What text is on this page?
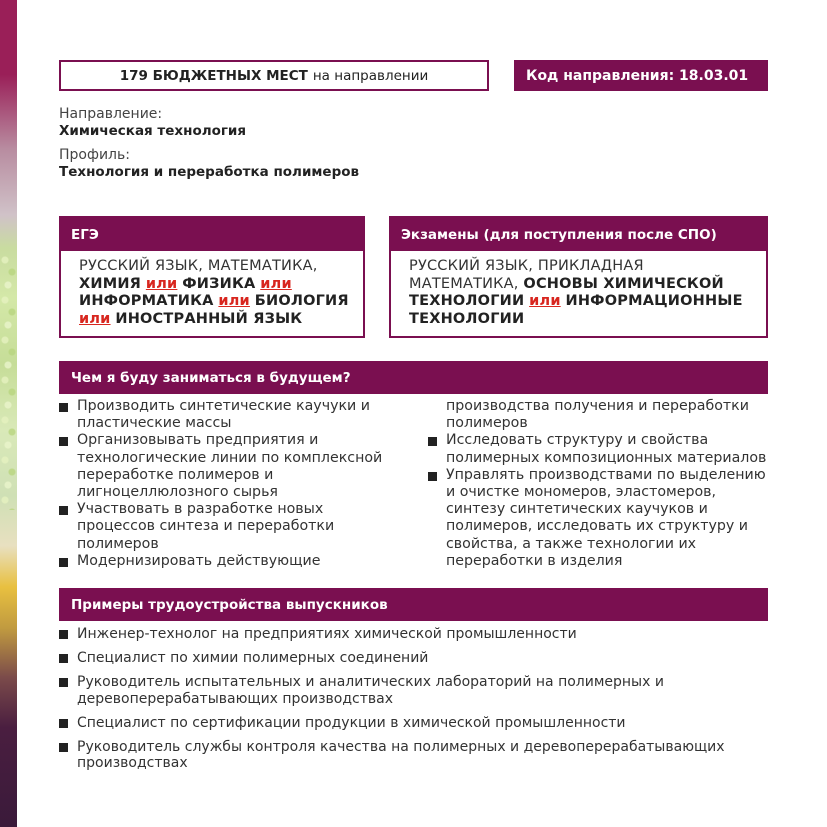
179 БЮДЖЕТНЫХ МЕСТ на направлении	Код направления: 18.03.01
Направление:
Химическая технология
Профиль:
Технология и переработка полимеров
ЕГЭ
РУССКИЙ ЯЗЫК, МАТЕМАТИКА,
ХИМИЯ или ФИЗИКА или
ИНФОРМАТИКА или БИОЛОГИЯ
или ИНОСТРАННЫЙ ЯЗЫК
Экзамены (для поступления после СПО)
РУССКИЙ ЯЗЫК, ПРИКЛАДНАЯ
МАТЕМАТИКА, ОСНОВЫ ХИМИЧЕСКОЙ
ТЕХНОЛОГИИ или ИНФОРМАЦИОННЫЕ
ТЕХНОЛОГИИ
Чем я буду заниматься в будущем?
Производить синтетические каучуки и пластические массы
Организовывать предприятия и технологические линии по комплексной переработке полимеров и лигноцеллюлозного сырья
Участвовать в разработке новых процессов синтеза и переработки полимеров
Модернизировать действующие
производства получения и переработки полимеров
Исследовать структуру и свойства полимерных композиционных материалов
Управлять производствами по выделению и очистке мономеров, эластомеров, синтезу синтетических каучуков и полимеров, исследовать их структуру и свойства, а также технологии их переработки в изделия
Примеры трудоустройства выпускников
Инженер-технолог на предприятиях химической промышленности
Специалист по химии полимерных соединений
Руководитель испытательных и аналитических лабораторий на полимерных и деревоперерабатывающих производствах
Специалист по сертификации продукции в химической промышленности
Руководитель службы контроля качества на полимерных и деревоперерабатывающих производствах
